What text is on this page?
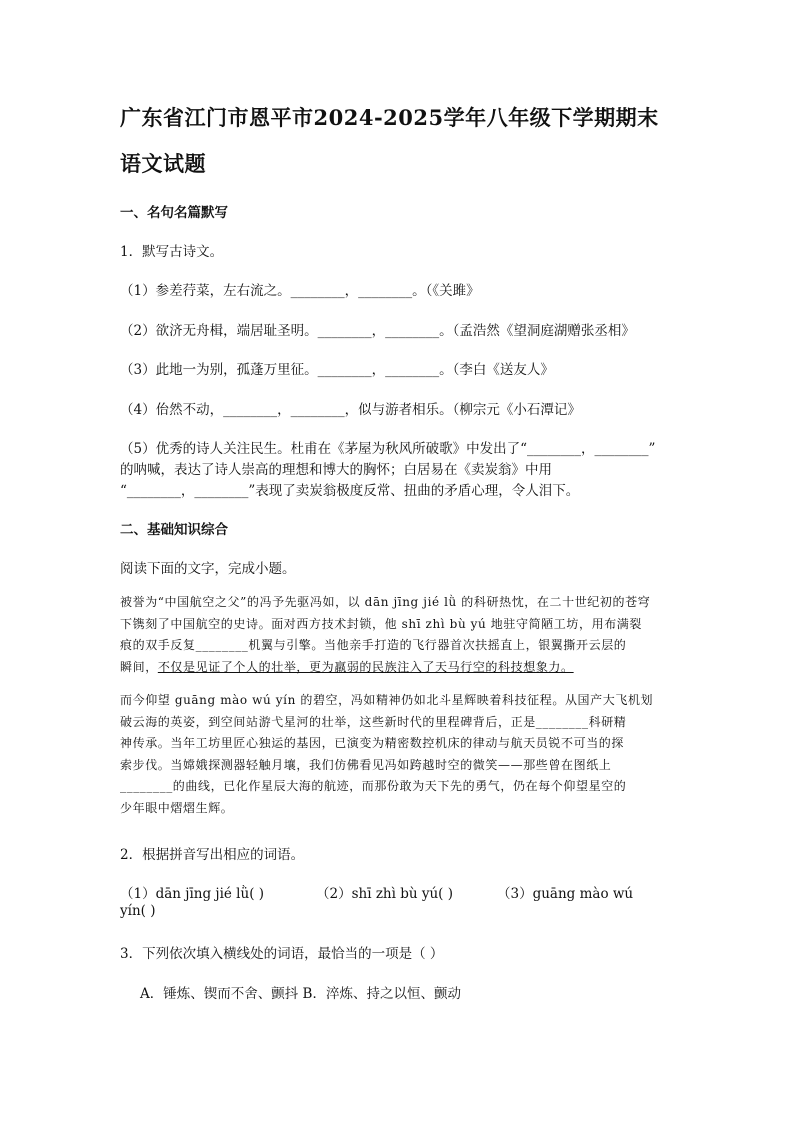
广东省江门市恩平市2024-2025学年八年级下学期期末语文试题
一、名句名篇默写
1．默写古诗文。
（1）参差荇菜，左右流之。________，________。（《关雎》
（2）欲济无舟楫，端居耻圣明。________，________。（孟浩然《望洞庭湖赠张丞相》
（3）此地一为别，孤蓬万里征。________，________。（李白《送友人》
（4）佁然不动，________，________，似与游者相乐。（柳宗元《小石潭记》
（5）优秀的诗人关注民生。杜甫在《茅屋为秋风所破歌》中发出了“________，________”
的呐喊，表达了诗人崇高的理想和博大的胸怀；白居易在《卖炭翁》中用
“________，________”表现了卖炭翁极度反常、扭曲的矛盾心理，令人泪下。
二、基础知识综合
阅读下面的文字，完成小题。
被誉为“中国航空之父”的冯予先驱冯如，以 dān jīng jié lǜ 的科研热忱，在二十世纪初的苍穹
下镌刻了中国航空的史诗。面对西方技术封锁，他 shī zhì bù yú 地驻守简陋工坊，用布满裂
痕的双手反复________机翼与引擎。当他亲手打造的飞行器首次扶摇直上，银翼撕开云层的
瞬间，不仅是见证了个人的壮举，更为羸弱的民族注入了天马行空的科技想象力。
而今仰望 guāng mào wú yín 的碧空，冯如精神仍如北斗星辉映着科技征程。从国产大飞机划
破云海的英姿，到空间站游弋星河的壮举，这些新时代的里程碑背后，正是________科研精
神传承。当年工坊里匠心独运的基因，已演变为精密数控机床的律动与航天员锐不可当的探
索步伐。当嫦娥探测器轻触月壤，我们仿佛看见冯如跨越时空的微笑——那些曾在图纸上
________的曲线，已化作星辰大海的航迹，而那份敢为天下先的勇气，仍在每个仰望星空的
少年眼中熠熠生辉。
2．根据拼音写出相应的词语。
（1）dān jīng jié lǜ( )	（2）shī zhì bù yú( )	（3）guāng mào wú
yín( )
3．下列依次填入横线处的词语，最恰当的一项是（ ）
A．锤炼、锲而不舍、颤抖 B．淬炼、持之以恒、颤动
